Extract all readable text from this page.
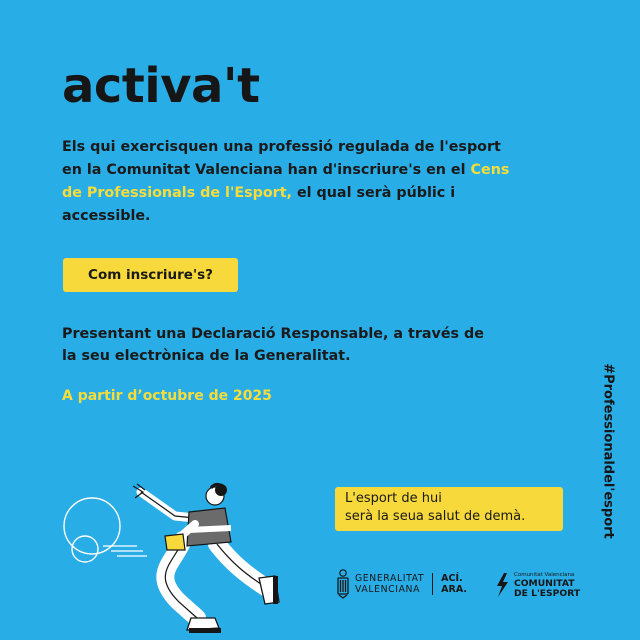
activa't

Els qui exercisquen una professió regulada de l'esport en la Comunitat Valenciana han d'inscriure's en el Cens de Professionals de l'Esport, el qual serà públic i accessible.

Com inscriure's?

Presentant una Declaració Responsable, a través de la seu electrònica de la Generalitat.

A partir d’octubre de 2025	#Professionaldel'esport
L'esport de hui
serà la seua salut de demà.
GENERALITAT
VALENCIANA
ACÍ.
ARA.
Comunitat Valenciana
COMUNITAT
DE L'ESPORT
